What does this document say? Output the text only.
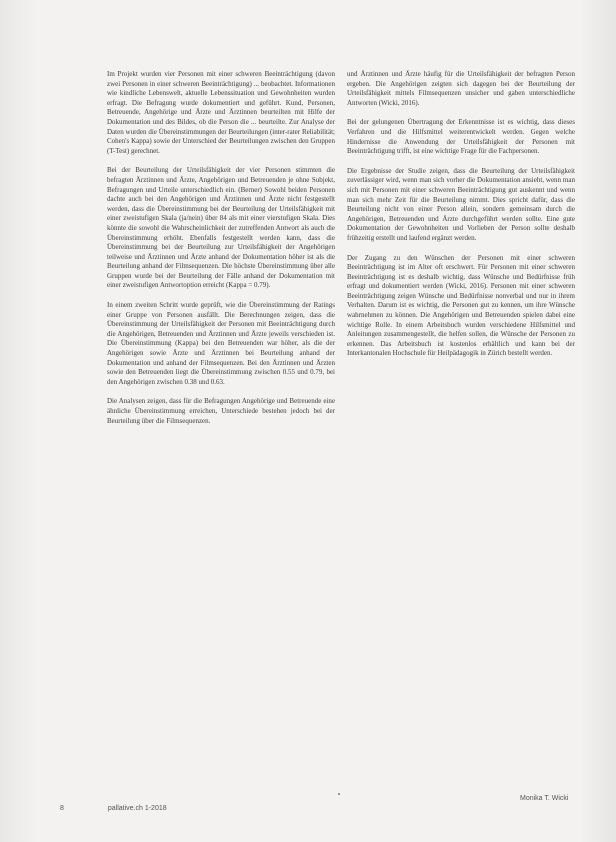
Im Projekt wurden vier Personen mit einer schweren Beeinträchtigung (davon zwei Personen in einer schweren Beeinträchtigung) ... beobachtet. Informationen wie kindliche Lebenswelt, aktuelle Lebenssituation und Gewohnheiten wurden erfragt. Die Befragung wurde dokumentiert und geführt. Kund, Personen, Betreuende, Angehörige und Ärzte und Ärztinnen beurteilten mit Hilfe der Dokumentation und des Bildes, ob die Person die ... beurteilte. Zur Analyse der Daten wurden die Übereinstimmungen der Beurteilungen (inter-rater Reliabilität; Cohen's Kappa) sowie der Unterschied der Beurteilungen zwischen den Gruppen (T-Test) gerechnet.

Bei der Beurteilung der Urteilsfähigkeit der vier Personen stimmten die befragten Ärztinnen und Ärzte, Angehörigen und Betreuenden je ohne Subjekt, Befragungen und Urteile unterschiedlich ein. (Berner) Sowohl beiden Personen dachte auch bei den Angehörigen und Ärztinnen und Ärzte nicht festgestellt werden, dass die Übereinstimmung bei der Beurteilung der Urteilsfähigkeit mit einer zweistufigen Skala (ja/nein) über 84 als mit einer vierstufigen Skala. Dies könnte die sowohl die Wahrscheinlichkeit der zutreffenden Antwort als auch die Übereinstimmung erhöht. Ebenfalls festgestellt werden kann, dass die Übereinstimmung bei der Beurteilung zur Urteilsfähigkeit der Angehörigen teilweise und Ärztinnen und Ärzte anhand der Dokumentation höher ist als die Beurteilung anhand der Filmsequenzen. Die höchste Übereinstimmung über alle Gruppen wurde bei der Beurteilung der Fälle anhand der Dokumentation mit einer zweistufigen Antwortoption erreicht (Kappa = 0.79).

In einem zweiten Schritt wurde geprüft, wie die Übereinstimmung der Ratings einer Gruppe von Personen ausfällt. Die Berechnungen zeigen, dass die Übereinstimmung der Urteilsfähigkeit der Personen mit Beeinträchtigung durch die Angehörigen, Betreuenden und Ärztinnen und Ärzte jeweils verschieden ist. Die Übereinstimmung (Kappa) bei den Betreuenden war höher, als die der Angehörigen sowie Ärzte und Ärztinnen bei Beurteilung anhand der Dokumentation und anhand der Filmsequenzen. Bei den Ärztinnen und Ärzten sowie den Betreuenden liegt die Übereinstimmung zwischen 0.55 und 0.79, bei den Angehörigen zwischen 0.38 und 0.63.

Die Analysen zeigen, dass für die Befragungen Angehörige und Betreuende eine ähnliche Übereinstimmung erreichen, Unterschiede bestehen jedoch bei der Beurteilung über die Filmsequenzen.

und Ärztinnen und Ärzte häufig für die Urteilsfähigkeit der befragten Person ergeben. Die Angehörigen zeigten sich dagegen bei der Beurteilung der Urteilsfähigkeit mittels Filmsequenzen unsicher und gaben unterschiedliche Antworten (Wicki, 2016).

Bei der gelungenen Übertragung der Erkenntnisse ist es wichtig, dass dieses Verfahren und die Hilfsmittel weiterentwickelt werden. Gegen welche Hindernisse die Anwendung der Urteilsfähigkeit der Personen mit Beeinträchtigung trifft, ist eine wichtige Frage für die Fachpersonen.

Die Ergebnisse der Studie zeigen, dass die Beurteilung der Urteilsfähigkeit zuverlässiger wird, wenn man sich vorher die Dokumentation ansieht, wenn man sich mit Personen mit einer schweren Beeinträchtigung gut auskennt und wenn man sich mehr Zeit für die Beurteilung nimmt. Dies spricht dafür, dass die Beurteilung nicht von einer Person allein, sondern gemeinsam durch die Angehörigen, Betreuenden und Ärzte durchgeführt werden sollte. Eine gute Dokumentation der Gewohnheiten und Vorlieben der Person sollte deshalb frühzeitig erstellt und laufend ergänzt werden.

Der Zugang zu den Wünschen der Personen mit einer schweren Beeinträchtigung ist im Alter oft erschwert. Für Personen mit einer schweren Beeinträchtigung ist es deshalb wichtig, dass Wünsche und Bedürfnisse früh erfragt und dokumentiert werden (Wicki, 2016). Personen mit einer schweren Beeinträchtigung zeigen Wünsche und Bedürfnisse nonverbal und nur in ihrem Verhalten. Darum ist es wichtig, die Personen gut zu kennen, um ihre Wünsche wahrnehmen zu können. Die Angehörigen und Betreuenden spielen dabei eine wichtige Rolle. In einem Arbeitsbuch wurden verschiedene Hilfsmittel und Anleitungen zusammengestellt, die helfen sollen, die Wünsche der Personen zu erkennen. Das Arbeitsbuch ist kostenlos erhältlich und kann bei der Interkantonalen Hochschule für Heilpädagogik in Zürich bestellt werden.

Monika T. Wicki
8	pallative.ch 1-2018
